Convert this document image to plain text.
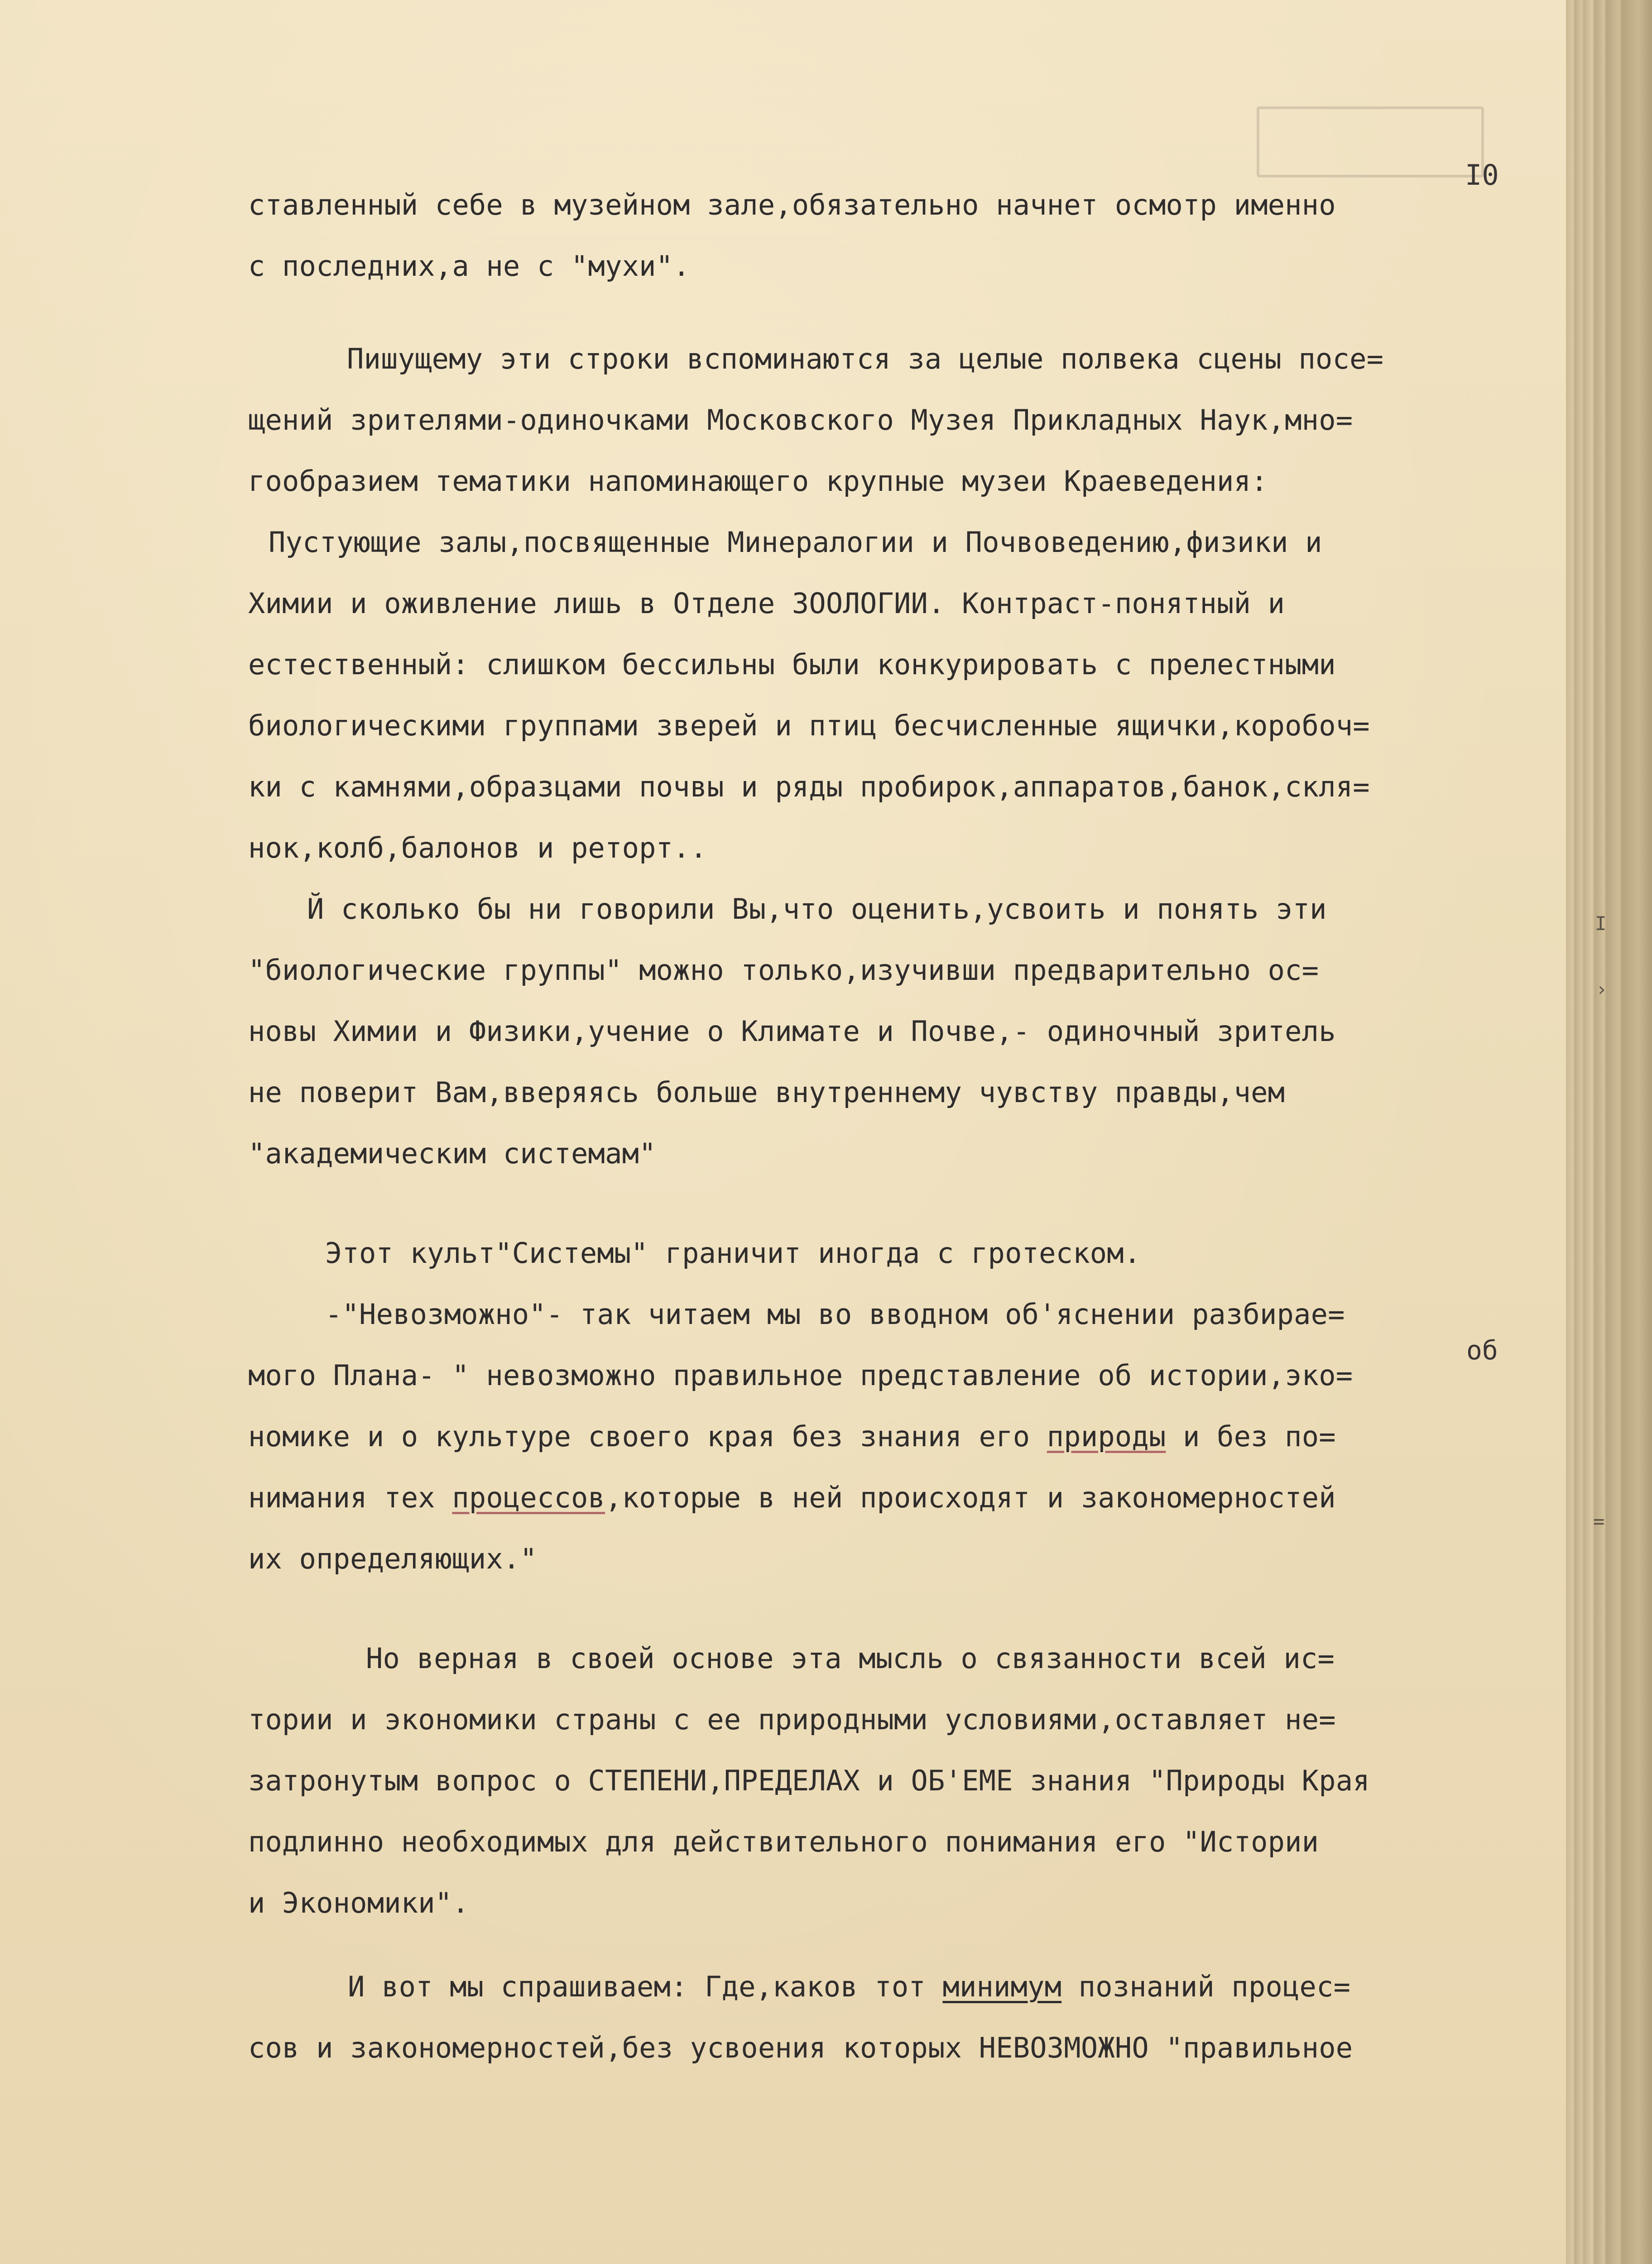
I
›
=
I0
ставленный себе в музейном зале,обязательно начнет осмотр именно
с последних,а не с "мухи".
Пишущему эти строки вспоминаются за целые полвека сцены посе=
щений зрителями-одиночками Московского Музея Прикладных Наук,мно=
гообразием тематики напоминающего крупные музеи Краеведения:
Пустующие залы,посвященные Минералогии и Почвоведению,физики и
Химии и оживление лишь в Отделе ЗООЛОГИИ. Контраст-понятный и
естественный: слишком бессильны были конкурировать с прелестными
биологическими группами зверей и птиц бесчисленные ящички,коробоч=
ки с камнями,образцами почвы и ряды пробирок,аппаратов,банок,скля=
нок,колб,балонов и реторт..
Й сколько бы ни говорили Вы,что оценить,усвоить и понять эти
"биологические группы" можно только,изучивши предварительно ос=
новы Химии и Физики,учение о Климате и Почве,- одиночный зритель
не поверит Вам,вверяясь больше внутреннему чувству правды,чем
"академическим системам"
Этот культ"Системы" граничит иногда с гротеском.
-"Невозможно"- так читаем мы во вводном об'яснении разбирае=
об
мого Плана- " невозможно правильное представление об истории,эко=
номике и о культуре своего края без знания его природы и без по=
нимания тех процессов,которые в ней происходят и закономерностей
их определяющих."
Но верная в своей основе эта мысль о связанности всей ис=
тории и экономики страны с ее природными условиями,оставляет не=
затронутым вопрос о СТЕПЕНИ,ПРЕДЕЛАХ и ОБ'ЕМЕ знания "Природы Края
подлинно необходимых для действительного понимания его "Истории
и Экономики".
И вот мы спрашиваем: Где,каков тот минимум познаний процес=
сов и закономерностей,без усвоения которых НЕВОЗМОЖНО "правильное
